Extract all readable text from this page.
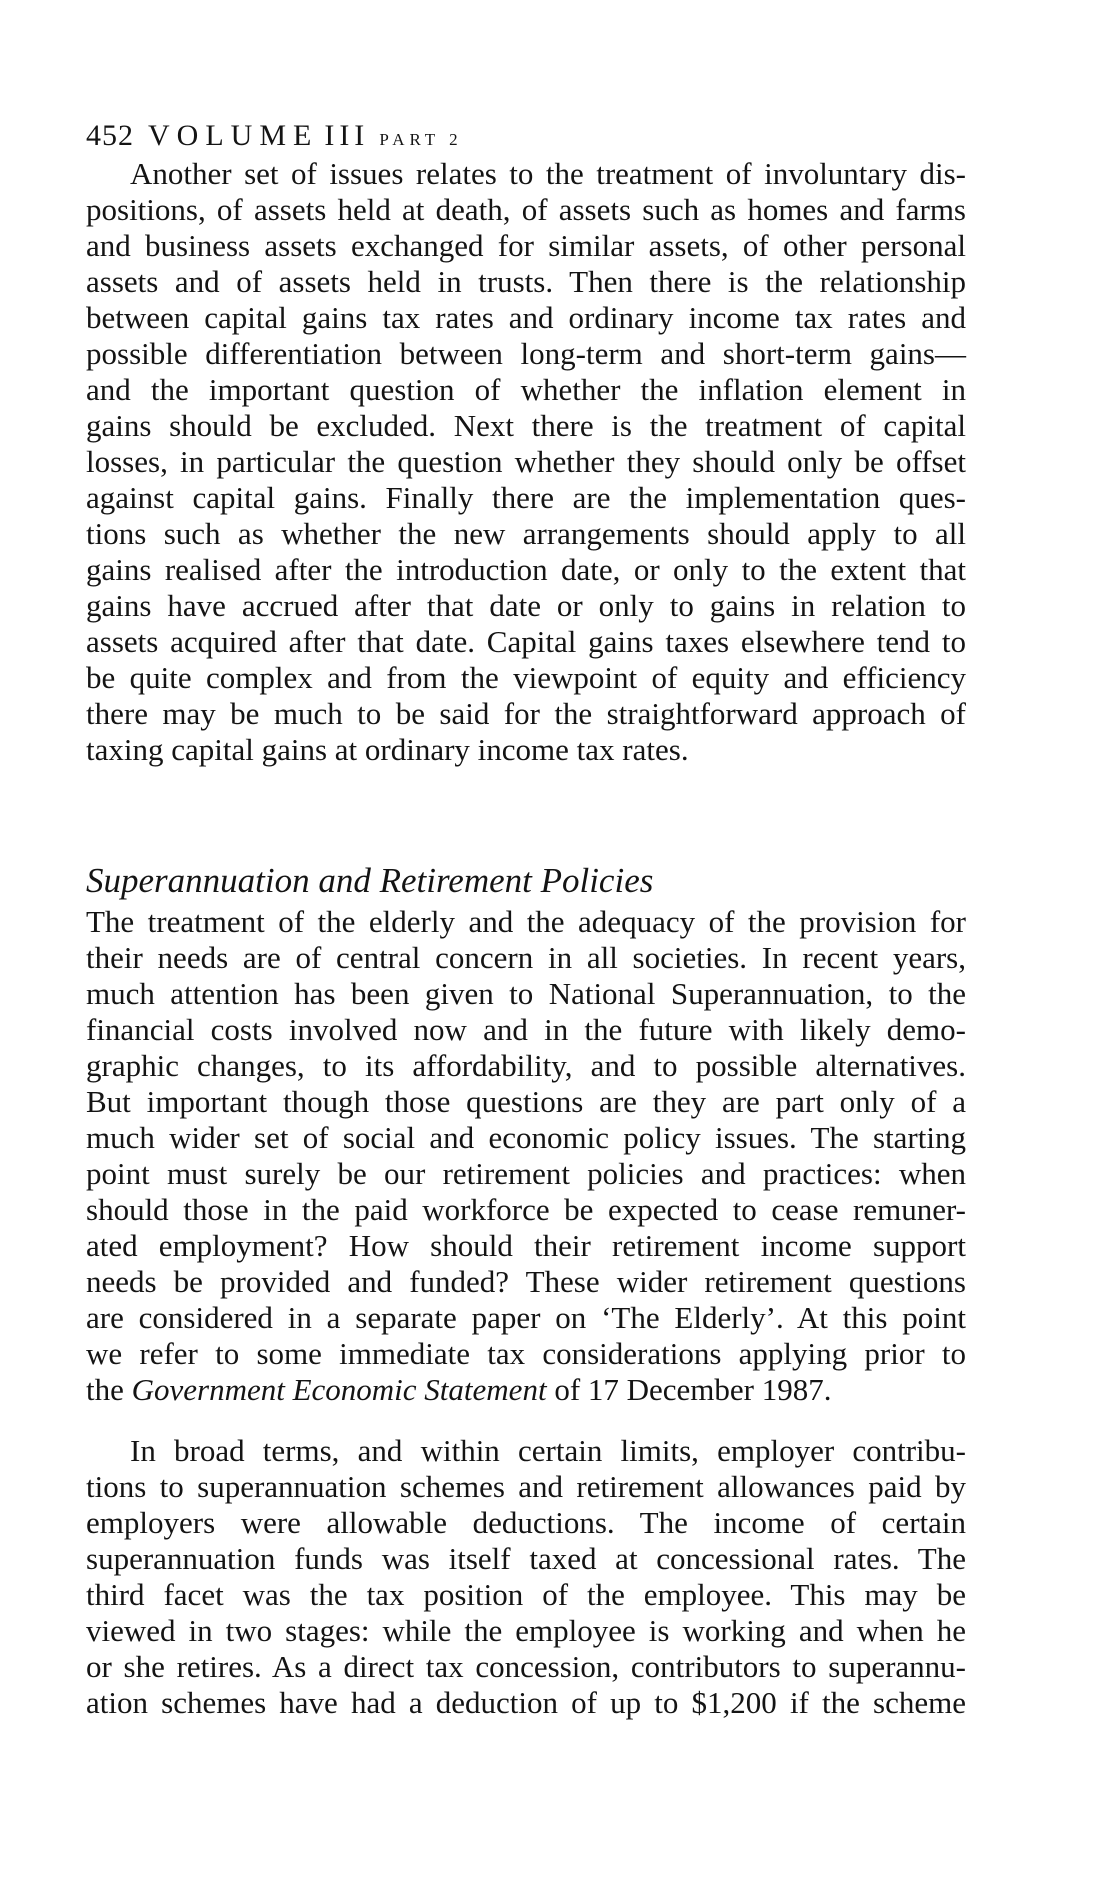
452 VOLUME III PART 2
Another set of issues relates to the treatment of involuntary dis-
positions, of assets held at death, of assets such as homes and farms
and business assets exchanged for similar assets, of other personal
assets and of assets held in trusts. Then there is the relationship
between capital gains tax rates and ordinary income tax rates and
possible differentiation between long-term and short-term gains—
and the important question of whether the inflation element in
gains should be excluded. Next there is the treatment of capital
losses, in particular the question whether they should only be offset
against capital gains. Finally there are the implementation ques-
tions such as whether the new arrangements should apply to all
gains realised after the introduction date, or only to the extent that
gains have accrued after that date or only to gains in relation to
assets acquired after that date. Capital gains taxes elsewhere tend to
be quite complex and from the viewpoint of equity and efficiency
there may be much to be said for the straightforward approach of
taxing capital gains at ordinary income tax rates.
Superannuation and Retirement Policies
The treatment of the elderly and the adequacy of the provision for
their needs are of central concern in all societies. In recent years,
much attention has been given to National Superannuation, to the
financial costs involved now and in the future with likely demo-
graphic changes, to its affordability, and to possible alternatives.
But important though those questions are they are part only of a
much wider set of social and economic policy issues. The starting
point must surely be our retirement policies and practices: when
should those in the paid workforce be expected to cease remuner-
ated employment? How should their retirement income support
needs be provided and funded? These wider retirement questions
are considered in a separate paper on ‘The Elderly’. At this point
we refer to some immediate tax considerations applying prior to
the Government Economic Statement of 17 December 1987.
In broad terms, and within certain limits, employer contribu-
tions to superannuation schemes and retirement allowances paid by
employers were allowable deductions. The income of certain
superannuation funds was itself taxed at concessional rates. The
third facet was the tax position of the employee. This may be
viewed in two stages: while the employee is working and when he
or she retires. As a direct tax concession, contributors to superannu-
ation schemes have had a deduction of up to $1,200 if the scheme
